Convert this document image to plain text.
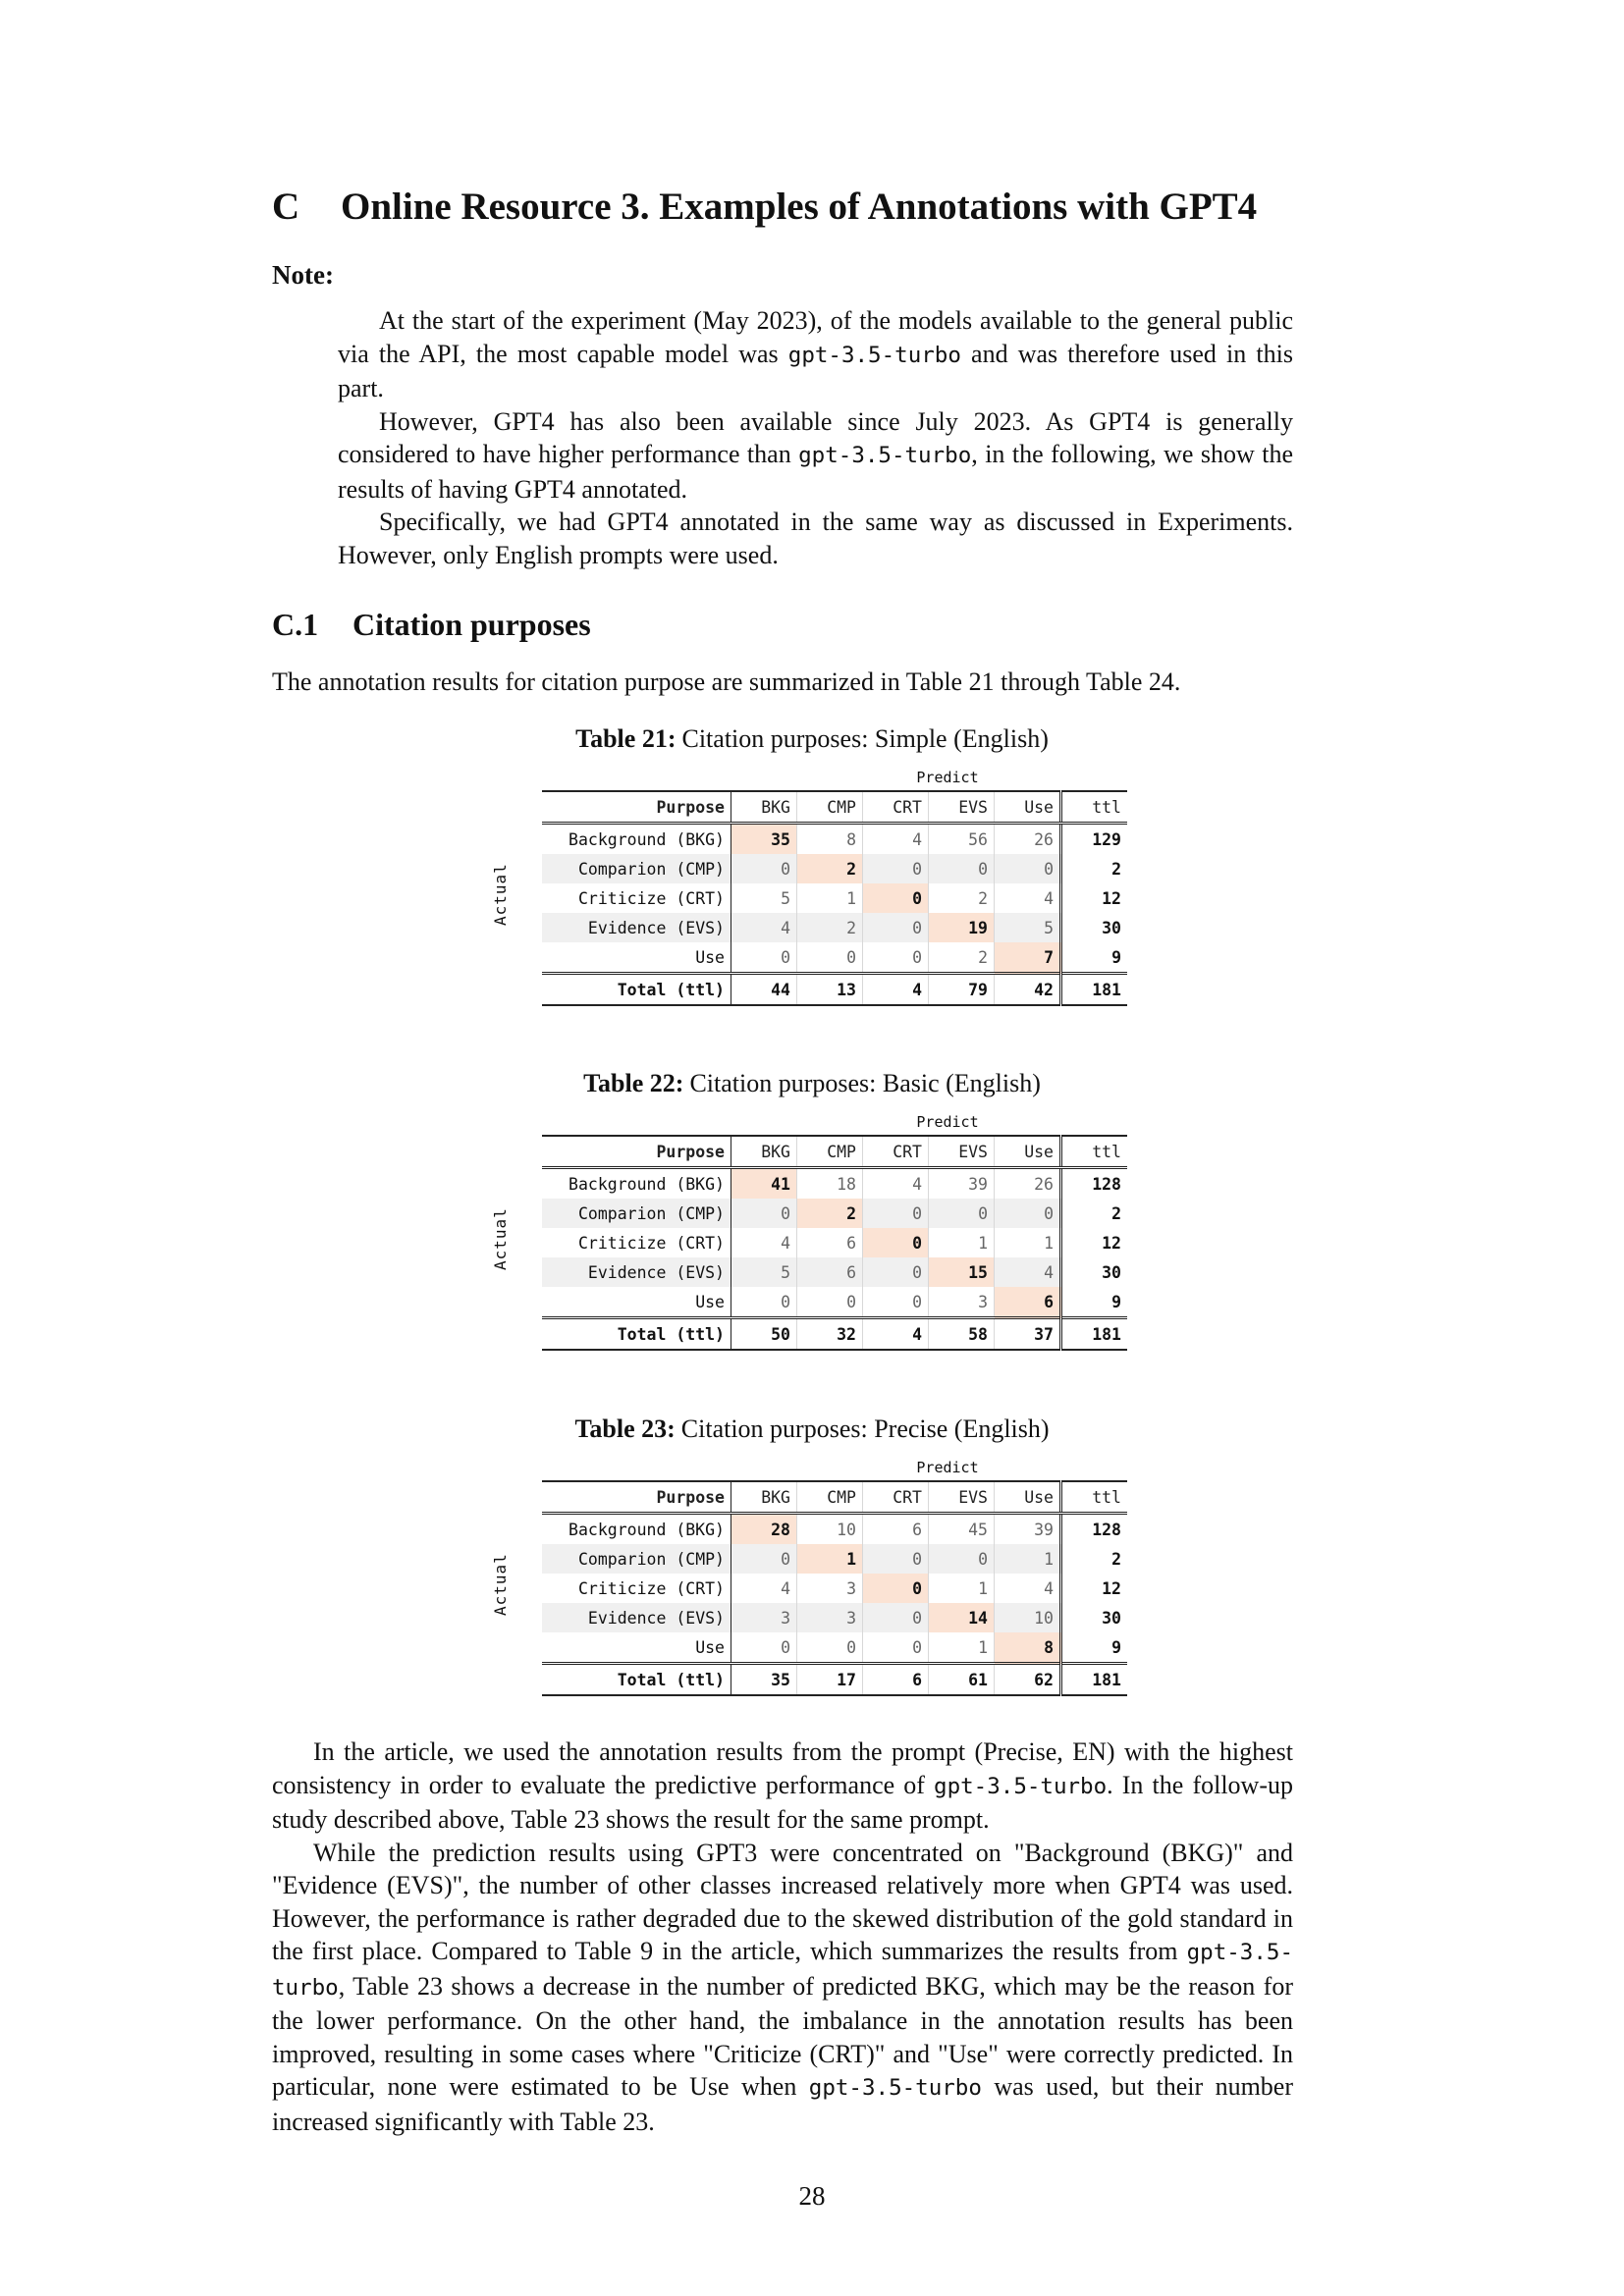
C Online Resource 3. Examples of Annotations with GPT4
Note:

At the start of the experiment (May 2023), of the models available to the general public via the API, the most capable model was gpt-3.5-turbo and was therefore used in this part.

However, GPT4 has also been available since July 2023. As GPT4 is generally considered to have higher performance than gpt-3.5-turbo, in the following, we show the results of having GPT4 annotated.

Specifically, we had GPT4 annotated in the same way as discussed in Experiments. However, only English prompts were used.

C.1 Citation purposes

The annotation results for citation purpose are summarized in Table 21 through Table 24.

Table 21: Citation purposes: Simple (English)
Predict
Actual
Purpose	BKG	CMP	CRT	EVS	Use	ttl
Background (BKG)	35	8	4	56	26	129
Comparion (CMP)	0	2	0	0	0	2
Criticize (CRT)	5	1	0	2	4	12
Evidence (EVS)	4	2	0	19	5	30
Use	0	0	0	2	7	9
Total (ttl)	44	13	4	79	42	181
Table 22: Citation purposes: Basic (English)
Predict
Actual
Purpose	BKG	CMP	CRT	EVS	Use	ttl
Background (BKG)	41	18	4	39	26	128
Comparion (CMP)	0	2	0	0	0	2
Criticize (CRT)	4	6	0	1	1	12
Evidence (EVS)	5	6	0	15	4	30
Use	0	0	0	3	6	9
Total (ttl)	50	32	4	58	37	181
Table 23: Citation purposes: Precise (English)
Predict
Actual
Purpose	BKG	CMP	CRT	EVS	Use	ttl
Background (BKG)	28	10	6	45	39	128
Comparion (CMP)	0	1	0	0	1	2
Criticize (CRT)	4	3	0	1	4	12
Evidence (EVS)	3	3	0	14	10	30
Use	0	0	0	1	8	9
Total (ttl)	35	17	6	61	62	181

In the article, we used the annotation results from the prompt (Precise, EN) with the highest consistency in order to evaluate the predictive performance of gpt-3.5-turbo. In the follow-up study described above, Table 23 shows the result for the same prompt.

While the prediction results using GPT3 were concentrated on "Background (BKG)" and "Evidence (EVS)", the number of other classes increased relatively more when GPT4 was used. However, the performance is rather degraded due to the skewed distribution of the gold standard in the first place. Compared to Table 9 in the article, which summarizes the results from gpt-3.5-turbo, Table 23 shows a decrease in the number of predicted BKG, which may be the reason for the lower performance. On the other hand, the imbalance in the annotation results has been improved, resulting in some cases where "Criticize (CRT)" and "Use" were correctly predicted. In particular, none were estimated to be Use when gpt-3.5-turbo was used, but their number increased significantly with Table 23.

28
